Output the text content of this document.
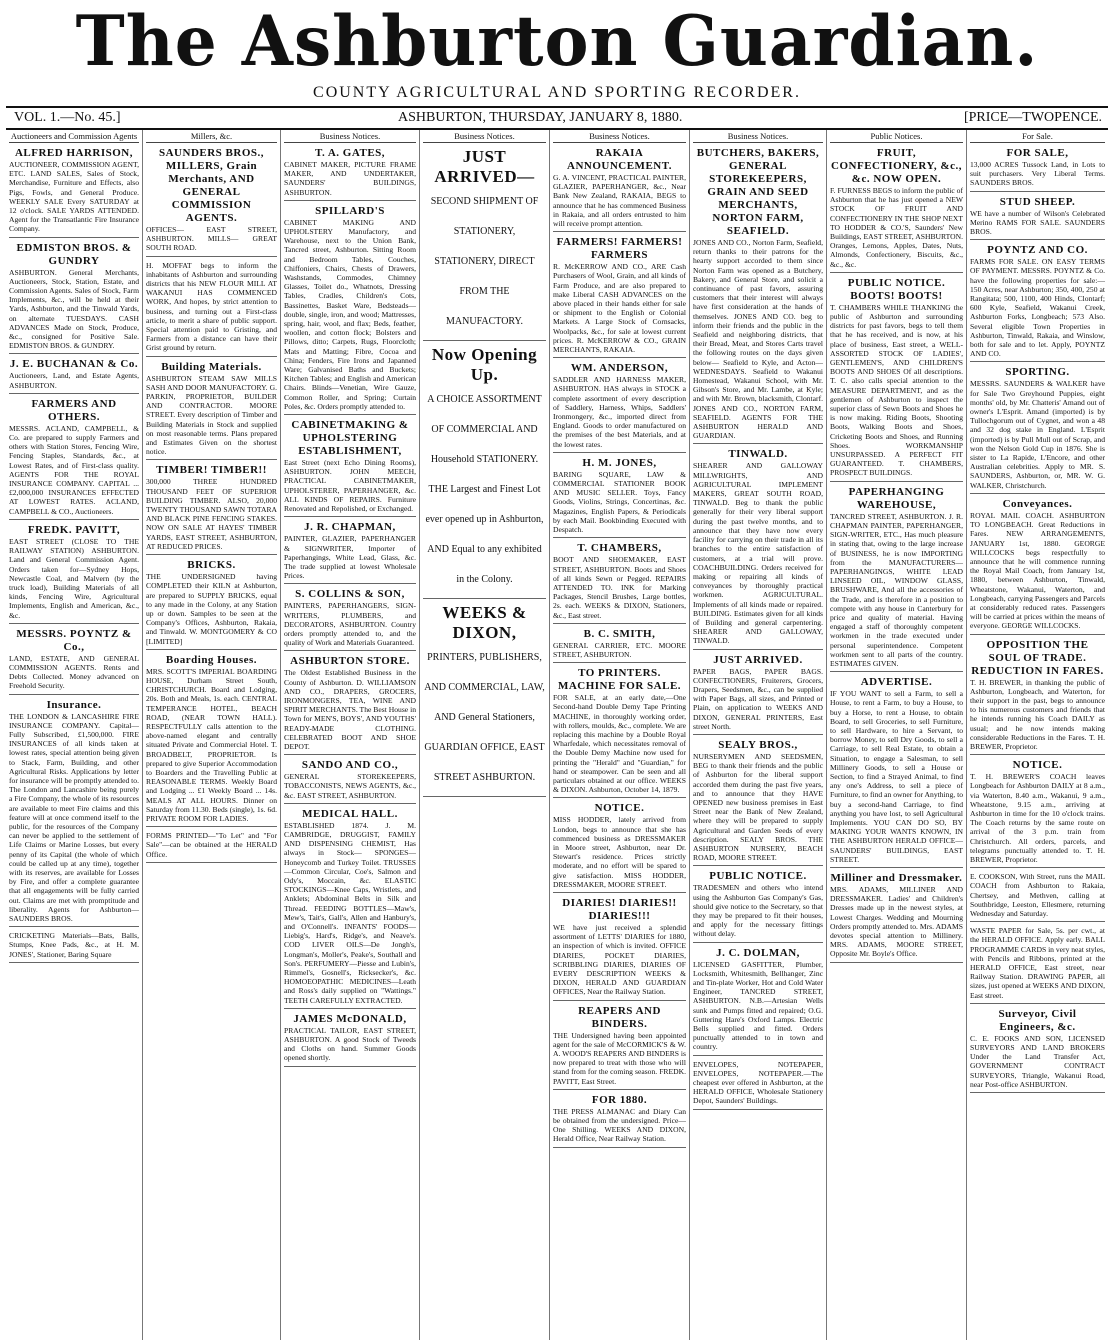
The Ashburton Guardian.
COUNTY AGRICULTURAL AND SPORTING RECORDER.
VOL. 1.—No. 45.]	ASHBURTON, THURSDAY, JANUARY 8, 1880.	[PRICE—TWOPENCE.
Auctioneers and Commission Agents
ALFRED HARRISON,
AUCTIONEER, COMMISSION AGENT, ETC. LAND SALES, Sales of Stock, Merchandise, Furniture and Effects, also Pigs, Fowls, and General Produce. WEEKLY SALE Every SATURDAY at 12 o'clock. SALE YARDS ATTENDED. Agent for the Transatlantic Fire Insurance Company.
EDMISTON BROS. & GUNDRY
ASHBURTON. General Merchants, Auctioneers, Stock, Station, Estate, and Commission Agents. Sales of Stock, Farm Implements, &c., will be held at their Yards, Ashburton, and the Tinwald Yards, on alternate TUESDAYS. CASH ADVANCES Made on Stock, Produce, &c., consigned for Positive Sale. EDMISTON BROS. & GUNDRY.
J. E. BUCHANAN & Co.
Auctioneers, Land, and Estate Agents, ASHBURTON.
FARMERS AND OTHERS.
MESSRS. ACLAND, CAMPBELL, & Co. are prepared to supply Farmers and others with Station Stores, Fencing Wire, Fencing Staples, Standards, &c., at Lowest Rates, and of First-class quality. AGENTS FOR THE ROYAL INSURANCE COMPANY. CAPITAL ... £2,000,000 INSURANCES EFFECTED AT LOWEST RATES. ACLAND, CAMPBELL & CO., Auctioneers.
FREDK. PAVITT,
EAST STREET (CLOSE TO THE RAILWAY STATION) ASHBURTON. Land and General Commission Agent. Orders taken for—Sydney Hops, Newcastle Coal, and Malvern (by the truck load), Building Materials of all kinds, Fencing Wire, Agricultural Implements, English and American, &c., &c.
MESSRS. POYNTZ & Co.,
LAND, ESTATE, AND GENERAL COMMISSION AGENTS. Rents and Debts Collected. Money advanced on Freehold Security.
Insurance.
THE LONDON & LANCASHIRE FIRE INSURANCE COMPANY. Capital—Fully Subscribed, £1,500,000. FIRE INSURANCES of all kinds taken at lowest rates, special attention being given to Stack, Farm, Building, and other Agricultural Risks. Applications by letter for insurance will be promptly attended to. The London and Lancashire being purely a Fire Company, the whole of its resources are available to meet Fire claims and this feature will at once commend itself to the public, for the resources of the Company can never be applied to the settlement of Life Claims or Marine Losses, but every penny of its Capital (the whole of which could be called up at any time), together with its reserves, are available for Losses by Fire, and offer a complete guarantee that all engagements will be fully carried out. Claims are met with promptitude and liberality. Agents for Ashburton— SAUNDERS BROS.
CRICKETING Materials—Bats, Balls, Stumps, Knee Pads, &c., at H. M. JONES', Stationer, Baring Square
Millers, &c.
SAUNDERS BROS., MILLERS, Grain Merchants, AND GENERAL COMMISSION AGENTS.
OFFICES— EAST STREET, ASHBURTON. MILLS— GREAT SOUTH ROAD.
H. MOFFAT begs to inform the inhabitants of Ashburton and surrounding districts that his NEW FLOUR MILL AT WAKANUI HAS COMMENCED WORK, And hopes, by strict attention to business, and turning out a First-class article, to merit a share of public support. Special attention paid to Gristing, and Farmers from a distance can have their Grist ground by return.
Building Materials.
ASHBURTON STEAM SAW MILLS SASH AND DOOR MANUFACTORY. G. PARKIN, PROPRIETOR, BUILDER AND CONTRACTOR. MOORE STREET. Every description of Timber and Building Materials in Stock and supplied on most reasonable terms. Plans prepared and Estimates Given on the shortest notice.
TIMBER! TIMBER!!
300,000 THREE HUNDRED THOUSAND FEET OF SUPERIOR BUILDING TIMBER. ALSO, 20,000 TWENTY THOUSAND SAWN TOTARA AND BLACK PINE FENCING STAKES. NOW ON SALE AT HAYES' TIMBER YARDS, EAST STREET, ASHBURTON, AT REDUCED PRICES.
BRICKS.
THE UNDERSIGNED having COMPLETED their KILN at Ashburton, are prepared to SUPPLY BRICKS, equal to any made in the Colony, at any Station up or down. Samples to be seen at the Company's Offices, Ashburton, Rakaia, and Tinwald. W. MONTGOMERY & CO [LIMITED]
Boarding Houses.
MRS. SCOTT'S IMPERIAL BOARDING HOUSE, Durham Street South, CHRISTCHURCH. Board and Lodging, 20s. Both and Meals, 1s. each. CENTRAL TEMPERANCE HOTEL, BEACH ROAD, (NEAR TOWN HALL). RESPECTFULLY calls attention to the above-named elegant and centrally situated Private and Commercial Hotel. T. BROADBELT, PROPRIETOR. Is prepared to give Superior Accommodation to Boarders and the Travelling Public at REASONABLE TERMS. Weekly Board and Lodging ... £1 Weekly Board ... 14s. MEALS AT ALL HOURS. Dinner on Saturday from 11.30. Beds (single), 1s. 6d. PRIVATE ROOM FOR LADIES.
FORMS PRINTED—"To Let" and "For Sale"—can be obtained at the HERALD Office.
Business Notices.
T. A. GATES,
CABINET MAKER, PICTURE FRAME MAKER, AND UNDERTAKER, SAUNDERS' BUILDINGS, ASHBURTON.
SPILLARD'S
CABINET MAKING AND UPHOLSTERY Manufactory, and Warehouse, next to the Union Bank, Tancred street, Ashburton. Sitting Room and Bedroom Tables, Couches, Chiffoniers, Chairs, Chests of Drawers, Washstands, Commodes, Chimney Glasses, Toilet do., Whatnots, Dressing Tables, Cradles, Children's Cots, Bassinettes, Basket Ware, Bedsteads—double, single, iron, and wood; Mattresses, spring, hair, wool, and flax; Beds, feather, woollen, and cotton flock; Bolsters and Pillows, ditto; Carpets, Rugs, Floorcloth; Mats and Matting; Fibre, Cocoa and China; Fenders, Fire Irons and Japanned Ware; Galvanised Baths and Buckets; Kitchen Tables; and English and American Chairs. Blinds—Venetian, Wire Gauze, Common Roller, and Spring; Curtain Poles, &c. Orders promptly attended to.
CABINETMAKING & UPHOLSTERING ESTABLISHMENT,
East Street (next Echo Dining Rooms), ASHBURTON. JOHN MEECH, PRACTICAL CABINETMAKER, UPHOLSTERER, PAPERHANGER, &c. ALL KINDS OF REPAIRS. Furniture Renovated and Repolished, or Exchanged.
J. R. CHAPMAN,
PAINTER, GLAZIER, PAPERHANGER & SIGNWRITER, Importer of Paperhangings, White Lead, Glass, &c. The trade supplied at lowest Wholesale Prices.
S. COLLINS & SON,
PAINTERS, PAPERHANGERS, SIGN-WRITERS, PLUMBERS, and DECORATORS, ASHBURTON. Country orders promptly attended to, and the quality of Work and Materials Guaranteed.
ASHBURTON STORE.
The Oldest Established Business in the County of Ashburton. D. WILLIAMSON AND CO., DRAPERS, GROCERS, IRONMONGERS, TEA, WINE AND SPIRIT MERCHANTS. The Best House in Town for MEN'S, BOYS', AND YOUTHS' READY-MADE CLOTHING. CELEBRATED BOOT AND SHOE DEPOT.
SANDO AND CO.,
GENERAL STOREKEEPERS, TOBACCONISTS, NEWS AGENTS, &c., &c. EAST STREET, ASHBURTON.
MEDICAL HALL.
ESTABLISHED 1874. J. M. CAMBRIDGE, DRUGGIST, FAMILY AND DISPENSING CHEMIST, Has always in Stock— SPONGES—Honeycomb and Turkey Toilet. TRUSSES—Common Circular, Coe's, Salmon and Ody's, Moccain, &c. ELASTIC STOCKINGS—Knee Caps, Wristlets, and Anklets; Abdominal Belts in Silk and Thread. FEEDING BOTTLES—Maw's, Mew's, Tait's, Gall's, Allen and Hanbury's, and O'Connell's. INFANTS' FOODS—Liebig's, Hard's, Ridge's, and Neave's. COD LIVER OILS—De Jongh's, Longman's, Moller's, Peake's, Southall and Son's. PERFUMERY—Piesse and Lubin's, Rimmel's, Gosnell's, Ricksecker's, &c. HOMOEOPATHIC MEDICINES—Leath and Ross's daily supplied on "Wattings." TEETH CAREFULLY EXTRACTED.
JAMES McDONALD,
PRACTICAL TAILOR, EAST STREET, ASHBURTON. A good Stock of Tweeds and Cloths on hand. Summer Goods opened shortly.
Business Notices.
JUST ARRIVED—
SECOND SHIPMENT OF STATIONERY, STATIONERY, DIRECT FROM THE MANUFACTORY.
Now Opening Up.
A CHOICE ASSORTMENT OF COMMERCIAL AND Household STATIONERY. THE Largest and Finest Lot ever opened up in Ashburton, AND Equal to any exhibited in the Colony.
WEEKS & DIXON,
PRINTERS, PUBLISHERS, AND COMMERCIAL, LAW, AND General Stationers, GUARDIAN OFFICE, EAST STREET ASHBURTON.
Business Notices.
RAKAIA ANNOUNCEMENT.
G. A. VINCENT, PRACTICAL PAINTER, GLAZIER, PAPERHANGER, &c., Near Bank New Zealand, RAKAIA, BEGS to announce that he has commenced Business in Rakaia, and all orders entrusted to him will receive prompt attention.
FARMERS! FARMERS! FARMERS
R. McKERROW AND CO., ARE Cash Purchasers of Wool, Grain, and all kinds of Farm Produce, and are also prepared to make Liberal CASH ADVANCES on the above placed in their hands either for sale or shipment to the English or Colonial Markets. A Large Stock of Cornsacks, Woolpacks, &c., for sale at lowest current prices. R. McKERROW & CO., GRAIN MERCHANTS, RAKAIA.
WM. ANDERSON,
SADDLER AND HARNESS MAKER, ASHBURTON. HAS always in STOCK a complete assortment of every description of Saddlery, Harness, Whips, Saddlers' Ironmongery, &c., imported direct from England. Goods to order manufactured on the premises of the best Materials, and at the lowest rates.
H. M. JONES,
BARING SQUARE, LAW & COMMERCIAL STATIONER BOOK AND MUSIC SELLER. Toys, Fancy Goods, Violins, Strings, Concertinas, &c. Magazines, English Papers, & Periodicals by each Mail. Bookbinding Executed with Despatch.
T. CHAMBERS,
BOOT AND SHOEMAKER, EAST STREET, ASHBURTON. Boots and Shoes of all kinds Sewn or Pegged. REPAIRS ATTENDED TO. INK for Marking Packages, Stencil Brushes, Large bottles, 2s. each. WEEKS & DIXON, Stationers, &c., East street.
B. C. SMITH,
GENERAL CARRIER, ETC. MOORE STREET, ASHBURTON.
TO PRINTERS. MACHINE FOR SALE.
FOR SALE, at an early date,—One Second-hand Double Demy Tape Printing MACHINE, in thoroughly working order, with rollers, moulds, &c., complete. We are replacing this machine by a Double Royal Wharfedale, which necessitates removal of the Double Demy Machine now used for printing the "Herald" and "Guardian," for hand or steampower. Can be seen and all particulars obtained at our office. WEEKS & DIXON. Ashburton, October 14, 1879.
NOTICE.
MISS HODDER, lately arrived from London, begs to announce that she has commenced business as DRESSMAKER in Moore street, Ashburton, near Dr. Stewart's residence. Prices strictly moderate, and no effort will be spared to give satisfaction. MISS HODDER, DRESSMAKER, MOORE STREET.
DIARIES! DIARIES!! DIARIES!!!
WE have just received a splendid assortment of LETTS' DIARIES for 1880, an inspection of which is invited. OFFICE DIARIES, POCKET DIARIES, SCRIBBLING DIARIES, DIARIES OF EVERY DESCRIPTION WEEKS & DIXON, HERALD AND GUARDIAN OFFICES, Near the Railway Station.
REAPERS AND BINDERS.
THE Undersigned having been appointed agent for the sale of McCORMICK'S & W. A. WOOD'S REAPERS AND BINDERS is now prepared to treat with those who will stand from for the coming season. FREDK. PAVITT, East Street.
FOR 1880.
THE PRESS ALMANAC and Diary Can be obtained from the undersigned. Price—One Shilling. WEEKS AND DIXON, Herald Office, Near Railway Station.
Business Notices.
BUTCHERS, BAKERS, GENERAL STOREKEEPERS, GRAIN AND SEED MERCHANTS, NORTON FARM, SEAFIELD.
JONES AND CO., Norton Farm, Seafield, return thanks to their patrons for the hearty support accorded to them since Norton Farm was opened as a Butchery, Bakery, and General Store, and solicit a continuance of past favors, assuring customers that their interest will always have first consideration at the hands of themselves. JONES AND CO. beg to inform their friends and the public in the Seafield and neighboring districts, that their Bread, Meat, and Stores Carts travel the following routes on the days given below— Seafield to Kyle, and Acton—WEDNESDAYS. Seafield to Wakanui Homestead, Wakanui School, with Mr. Gibson's Store, and Mr. Lambe, at Kyle; and with Mr. Brown, blacksmith, Clontarf. JONES AND CO., NORTON FARM, SEAFIELD. AGENTS FOR THE ASHBURTON HERALD AND GUARDIAN.
TINWALD.
SHEARER AND GALLOWAY MILLWRIGHTS, AND AGRICULTURAL IMPLEMENT MAKERS, GREAT SOUTH ROAD, TINWALD. Beg to thank the public generally for their very liberal support during the past twelve months, and to announce that they have now every facility for carrying on their trade in all its branches to the entire satisfaction of customers, at a trial will prove. COACHBUILDING. Orders received for making or repairing all kinds of conveyances by thoroughly practical workmen. AGRICULTURAL. Implements of all kinds made or repaired. BUILDING. Estimates given for all kinds of Building and general carpentering. SHEARER AND GALLOWAY, TINWALD.
JUST ARRIVED.
PAPER BAGS, PAPER BAGS. CONFECTIONERS, Fruiterers, Grocers, Drapers, Seedsmen, &c., can be supplied with Paper Bags, all sizes, and Printed or Plain, on application to WEEKS AND DIXON, GENERAL PRINTERS, East street North.
SEALY BROS.,
NURSERYMEN AND SEEDSMEN, BEG to thank their friends and the public of Ashburton for the liberal support accorded them during the past five years, and to announce that they HAVE OPENED new business premises in East Street near the Bank of New Zealand, where they will be prepared to supply Agricultural and Garden Seeds of every description. SEALY BROS. THE ASHBURTON NURSERY, BEACH ROAD, MOORE STREET.
PUBLIC NOTICE.
TRADESMEN and others who intend using the Ashburton Gas Company's Gas, should give notice to the Secretary, so that they may be prepared to fit their houses, and apply for the necessary fittings without delay.
J. C. DOLMAN,
LICENSED GASFITTER, Plumber, Locksmith, Whitesmith, Bellhanger, Zinc and Tin-plate Worker, Hot and Cold Water Engineer, TANCRED STREET, ASHBURTON. N.B.—Artesian Wells sunk and Pumps fitted and repaired; O.G. Guttering Hare's Oxford Lamps. Electric Bells supplied and fitted. Orders punctually attended to in town and country.
ENVELOPES, NOTEPAPER, ENVELOPES, NOTEPAPER.—The cheapest ever offered in Ashburton, at the HERALD OFFICE, Wholesale Stationery Depot, Saunders' Buildings.
Public Notices.
FRUIT, CONFECTIONERY, &c., &c. NOW OPEN.
F. FURNESS BEGS to inform the public of Ashburton that he has just opened a NEW STOCK OF FRUIT AND CONFECTIONERY IN THE SHOP NEXT TO HODDER & CO.'S, Saunders' New Buildings, EAST STREET, ASHBURTON. Oranges, Lemons, Apples, Dates, Nuts, Almonds, Confectionery, Biscuits, &c., &c., &c.
PUBLIC NOTICE. BOOTS! BOOTS!
T. CHAMBERS WHILE THANKING the public of Ashburton and surrounding districts for past favors, begs to tell them that he has received, and is now, at his place of business, East street, a WELL-ASSORTED STOCK OF LADIES', GENTLEMEN'S, AND CHILDREN'S BOOTS AND SHOES Of all descriptions. T. C. also calls special attention to the MEASURE DEPARTMENT, and as the gentlemen of Ashburton to inspect the superior class of Sewn Boots and Shoes he is now making. Riding Boots, Shooting Boots, Walking Boots and Shoes, Cricketing Boots and Shoes, and Running Shoes. WORKMANSHIP UNSURPASSED. A PERFECT FIT GUARANTEED. T. CHAMBERS, PROSPECT BUILDINGS.
PAPERHANGING WAREHOUSE,
TANCRED STREET, ASHBURTON. J. R. CHAPMAN PAINTER, PAPERHANGER, SIGN-WRITER, ETC., Has much pleasure in stating that, owing to the large increase of BUSINESS, he is now IMPORTING from the MANUFACTURERS— PAPERHANGINGS, WHITE LEAD LINSEED OIL, WINDOW GLASS, BRUSHWARE, And all the accessories of the Trade, and is therefore in a position to compete with any house in Canterbury for price and quality of material. Having engaged a staff of thoroughly competent workmen in the trade executed under personal superintendence. Competent workmen sent to all parts of the country. ESTIMATES GIVEN.
ADVERTISE.
IF YOU WANT to sell a Farm, to sell a House, to rent a Farm, to buy a House, to buy a Horse, to rent a House, to obtain Board, to sell Groceries, to sell Furniture, to sell Hardware, to hire a Servant, to borrow Money, to sell Dry Goods, to sell a Carriage, to sell Real Estate, to obtain a Situation, to engage a Salesman, to sell Millinery Goods, to sell a House or Section, to find a Strayed Animal, to find any one's Address, to sell a piece of Furniture, to find an owner for Anything, to buy a second-hand Carriage, to find anything you have lost, to sell Agricultural Implements. YOU CAN DO SO, BY MAKING YOUR WANTS KNOWN, IN THE ASHBURTON HERALD OFFICE— SAUNDERS' BUILDINGS, EAST STREET.
Milliner and Dressmaker.
MRS. ADAMS, MILLINER AND DRESSMAKER. Ladies' and Children's Dresses made up in the newest styles, at Lowest Charges. Wedding and Mourning Orders promptly attended to. Mrs. ADAMS devotes special attention to Millinery. MRS. ADAMS, MOORE STREET, Opposite Mr. Boyle's Office.
For Sale.
FOR SALE,
13,000 ACRES Tussock Land, in Lots to suit purchasers. Very Liberal Terms. SAUNDERS BROS.
STUD SHEEP.
WE have a number of Wilson's Celebrated Merino RAMS FOR SALE. SAUNDERS BROS.
POYNTZ AND CO.
FARMS FOR SALE. ON EASY TERMS OF PAYMENT. MESSRS. POYNTZ & Co. have the following properties for sale:— 150 Acres, near Ashburton; 350, 400, 250 at Rangitata; 500, 1100, 400 Hinds, Clontarf; 600 Kyle, Seafield, Wakanui Creek, Ashburton Forks, Longbeach; 573 Also. Several eligible Town Properties in Ashburton, Tinwald, Rakaia, and Winslow, both for sale and to let. Apply, POYNTZ AND CO.
SPORTING.
MESSRS. SAUNDERS & WALKER have for Sale Two Greyhound Puppies, eight months' old, by Mr. Chatteris' Amand out of owner's L'Esprit. Amand (imported) is by Tullochgorum out of Cygnet, and won a 48 and 32 dog stake in England. L'Esprit (imported) is by Pull Mull out of Scrap, and won the Nelson Gold Cup in 1876. She is sister to La Rapide, L'Encore, and other Australian celebrities. Apply to MR. S. SAUNDERS, Ashburton, or, MR. W. G. WALKER, Christchurch.
Conveyances.
ROYAL MAIL COACH. ASHBURTON TO LONGBEACH. Great Reductions in Fares. NEW ARRANGEMENTS, JANUARY 1st, 1880. GEORGE WILLCOCKS begs respectfully to announce that he will commence running the Royal Mail Coach, from January 1st, 1880, between Ashburton, Tinwald, Wheatstone, Wakanui, Waterton, and Longbeach, carrying Passengers and Parcels at considerably reduced rates. Passengers will be carried at prices within the means of everyone. GEORGE WILLCOCKS.
OPPOSITION THE SOUL OF TRADE. REDUCTION IN FARES.
T. H. BREWER, in thanking the public of Ashburton, Longbeach, and Waterton, for their support in the past, begs to announce to his numerous customers and friends that he intends running his Coach DAILY as usual; and he now intends making considerable Reductions in the Fares. T. H. BREWER, Proprietor.
NOTICE.
T. H. BREWER'S COACH leaves Longbeach for Ashburton DAILY at 8 a.m., via Waterton, 8.40 a.m., Wakanui, 9 a.m., Wheatstone, 9.15 a.m., arriving at Ashburton in time for the 10 o'clock trains. The Coach returns by the same route on arrival of the 3 p.m. train from Christchurch. All orders, parcels, and telegrams punctually attended to. T. H. BREWER, Proprietor.
E. COOKSON, With Street, runs the MAIL COACH from Ashburton to Rakaia, Chertsey, and Methven, calling at Southbridge, Leeston, Ellesmere, returning Wednesday and Saturday.
WASTE PAPER for Sale, 5s. per cwt., at the HERALD OFFICE. Apply early. BALL PROGRAMME CARDS in very neat styles, with Pencils and Ribbons, printed at the HERALD OFFICE, East street, near Railway Station. DRAWING PAPER, all sizes, just opened at WEEKS AND DIXON, East street.
Surveyor, Civil Engineers, &c.
C. E. FOOKS AND SON, LICENSED SURVEYORS AND LAND BROKERS Under the Land Transfer Act, GOVERNMENT CONTRACT SURVEYORS, Triangle, Wakanui Road, near Post-office ASHBURTON.
